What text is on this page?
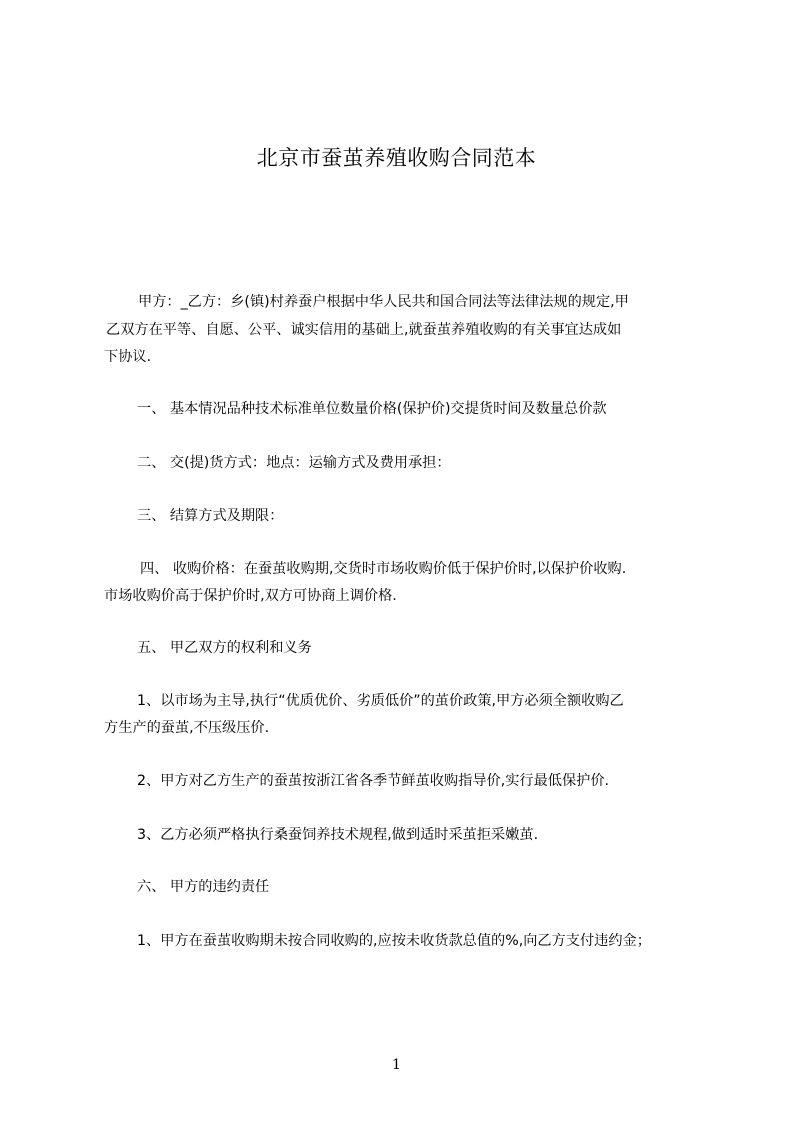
北京市蚕茧养殖收购合同范本
甲方：_乙方：乡(镇)村养蚕户根据中华人民共和国合同法等法律法规的规定,甲
乙双方在平等、自愿、公平、诚实信用的基础上,就蚕茧养殖收购的有关事宜达成如
下协议.
一、 基本情况品种技术标准单位数量价格(保护价)交提货时间及数量总价款
二、 交(提)货方式：地点：运输方式及费用承担：
三、 结算方式及期限：
四、 收购价格：在蚕茧收购期,交货时市场收购价低于保护价时,以保护价收购.
市场收购价高于保护价时,双方可协商上调价格.
五、 甲乙双方的权利和义务
1、以市场为主导,执行“优质优价、劣质低价”的茧价政策,甲方必须全额收购乙
方生产的蚕茧,不压级压价.
2、甲方对乙方生产的蚕茧按浙江省各季节鲜茧收购指导价,实行最低保护价.
3、乙方必须严格执行桑蚕饲养技术规程,做到适时采茧拒采嫩茧.
六、 甲方的违约责任
1、甲方在蚕茧收购期未按合同收购的,应按未收货款总值的%,向乙方支付违约金；
1
